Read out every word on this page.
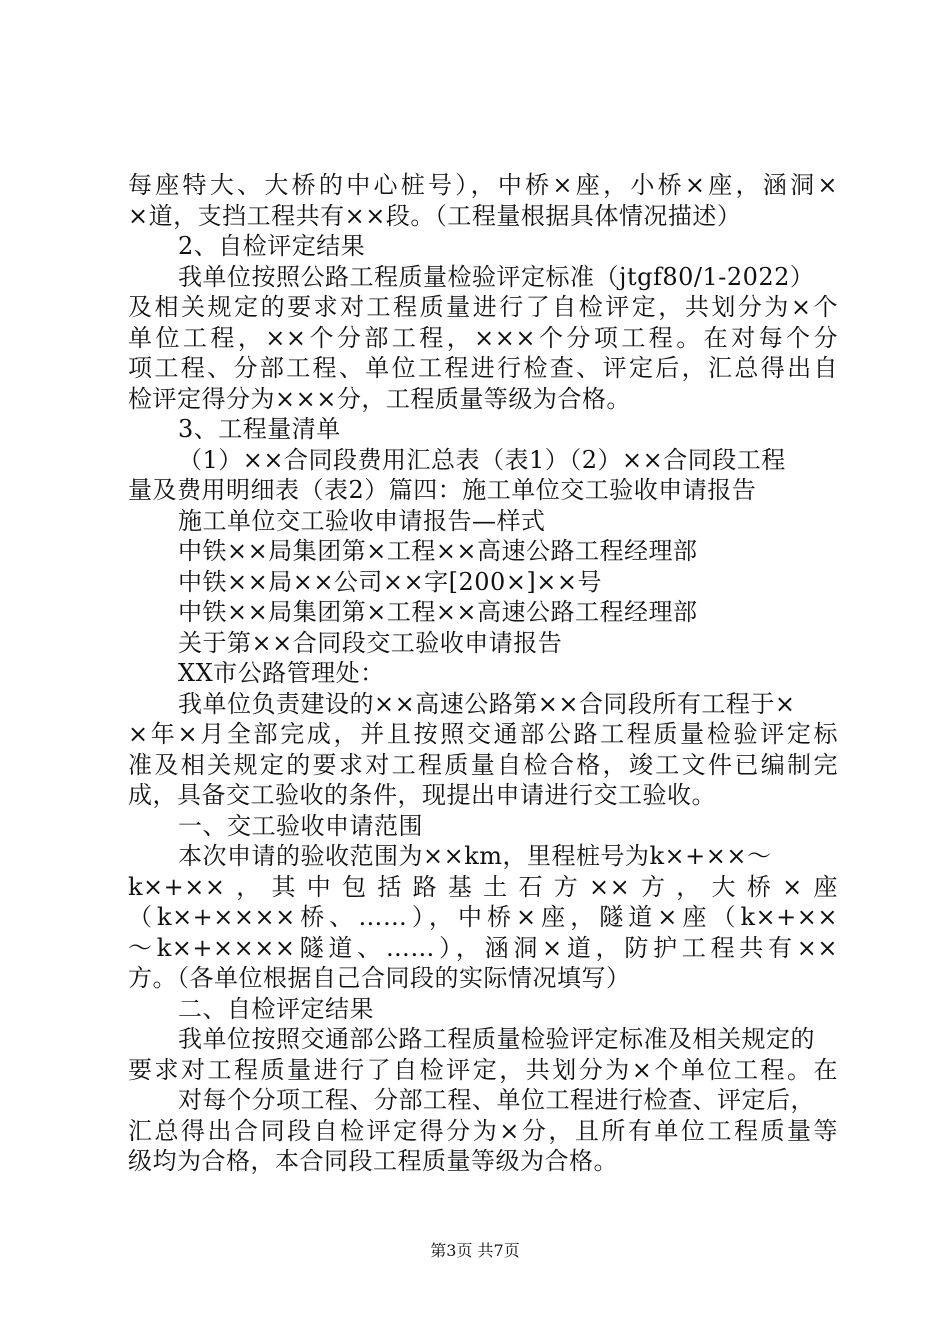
每座特大、大桥的中心桩号），中桥×座，小桥×座，涵洞×
×道，支挡工程共有××段。（工程量根据具体情况描述）
2、自检评定结果
我单位按照公路工程质量检验评定标准（jtgf80/1-2022）
及相关规定的要求对工程质量进行了自检评定，共划分为×个
单位工程，××个分部工程，×××个分项工程。在对每个分
项工程、分部工程、单位工程进行检查、评定后，汇总得出自
检评定得分为×××分，工程质量等级为合格。
3、工程量清单
（1）××合同段费用汇总表（表1）（2）××合同段工程
量及费用明细表（表2）篇四：施工单位交工验收申请报告
施工单位交工验收申请报告—样式
中铁××局集团第×工程××高速公路工程经理部
中铁××局××公司××字[200×]××号
中铁××局集团第×工程××高速公路工程经理部
关于第××合同段交工验收申请报告
XX市公路管理处：
我单位负责建设的××高速公路第××合同段所有工程于×
×年×月全部完成，并且按照交通部公路工程质量检验评定标
准及相关规定的要求对工程质量自检合格，竣工文件已编制完
成，具备交工验收的条件，现提出申请进行交工验收。
一、交工验收申请范围
本次申请的验收范围为××km，里程桩号为k×+××～
k×+××，其中包括路基土石方××方，大桥×座
（k×+××××桥、……），中桥×座，隧道×座（k×+××
～k×+××××隧道、……），涵洞×道，防护工程共有××
方。（各单位根据自己合同段的实际情况填写）
二、自检评定结果
我单位按照交通部公路工程质量检验评定标准及相关规定的
要求对工程质量进行了自检评定，共划分为×个单位工程。在
对每个分项工程、分部工程、单位工程进行检查、评定后，
汇总得出合同段自检评定得分为×分，且所有单位工程质量等
级均为合格，本合同段工程质量等级为合格。
第3页 共7页
